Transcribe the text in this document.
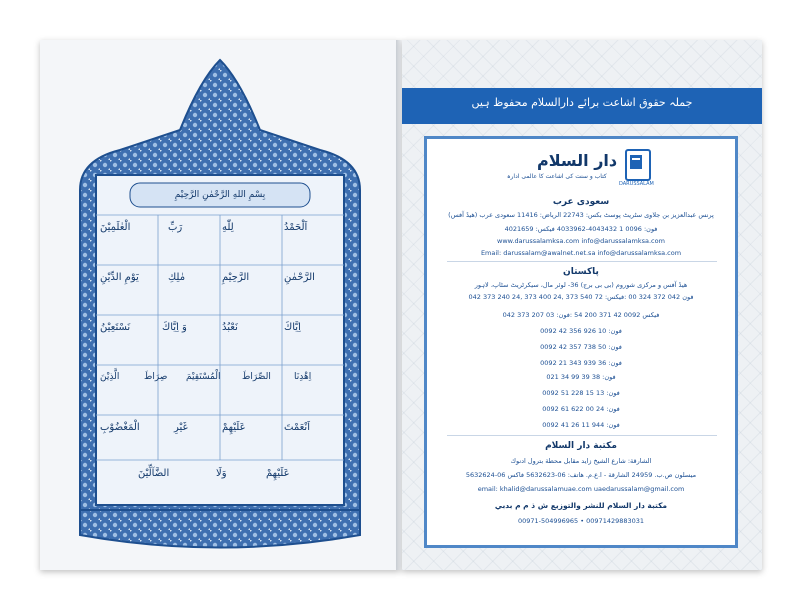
بِسْمِ اللهِ الرَّحْمٰنِ الرَّحِيْمِ
اَلْحَمْدُ
لِلّٰهِ
رَبِّ
الْعٰلَمِيْنَ
الرَّحْمٰنِ
الرَّحِيْمِ
مٰلِكِ
يَوْمِ الدِّيْنِ
اِيَّاكَ
نَعْبُدُ
وَ اِيَّاكَ
نَسْتَعِيْنُ
اِهْدِنَا
الصِّرَاطَ
الْمُسْتَقِيْمَ
صِرَاطَ
الَّذِيْنَ
اَنْعَمْتَ
عَلَيْهِمْ
غَيْرِ
الْمَغْضُوْبِ
عَلَيْهِمْ
وَلَا
الضَّآلِّيْنَ
جملہ حقوق اشاعت برائے دارالسلام محفوظ ہیں
DARUSSALAM
دار السلام
کتاب و سنت کی اشاعت کا عالمی ادارہ
سعودی عرب
(ھیڈ آفس) پرنس عبدالعزیز بن جلاوی سٹریٹ پوسٹ بکس: 22743 الریاض: 11416 سعودی عرب
فون: 0096 1 4043432-4033962 فیکس: 4021659
www.darussalamksa.com info@darussalamksa.com
Email: darussalam@awalnet.net.sa info@darussalamksa.com
پاکستان
ھیڈ آفس و مرکزی شوروم (بی بی برج) 36- لوئر مال، سیکرٹریٹ سٹاپ، لاہور
042 373 240 24, 373 400 24, 373 540 72 :فون 042 372 324 00 :فیکس
042 373 207 03 :فیکس 0092 42 371 200 54 :فون
0092 42 356 926 10 :فون
0092 42 357 738 50 :فون
0092 21 343 939 36 :فون
021 34 99 39 38 :فون
0092 51 228 15 13 :فون
0092 61 622 00 24 :فون
0092 41 26 11 944 :فون
مكتبة دار السلام
الشارقة: شارع الشيخ زايد مقابل محطة بترول ادنوك
ميسلون ص.ب. 24959 الشارقة - ا.ع.م. هاتف: 06-5632623 فاكس 06-5632624
email: khalid@darussalamuae.com uaedarussalam@gmail.com
مكتبة دار السلام للنشر والتوزيع ش ذ م م بدبي
00971-504996965 • 00971429883031
